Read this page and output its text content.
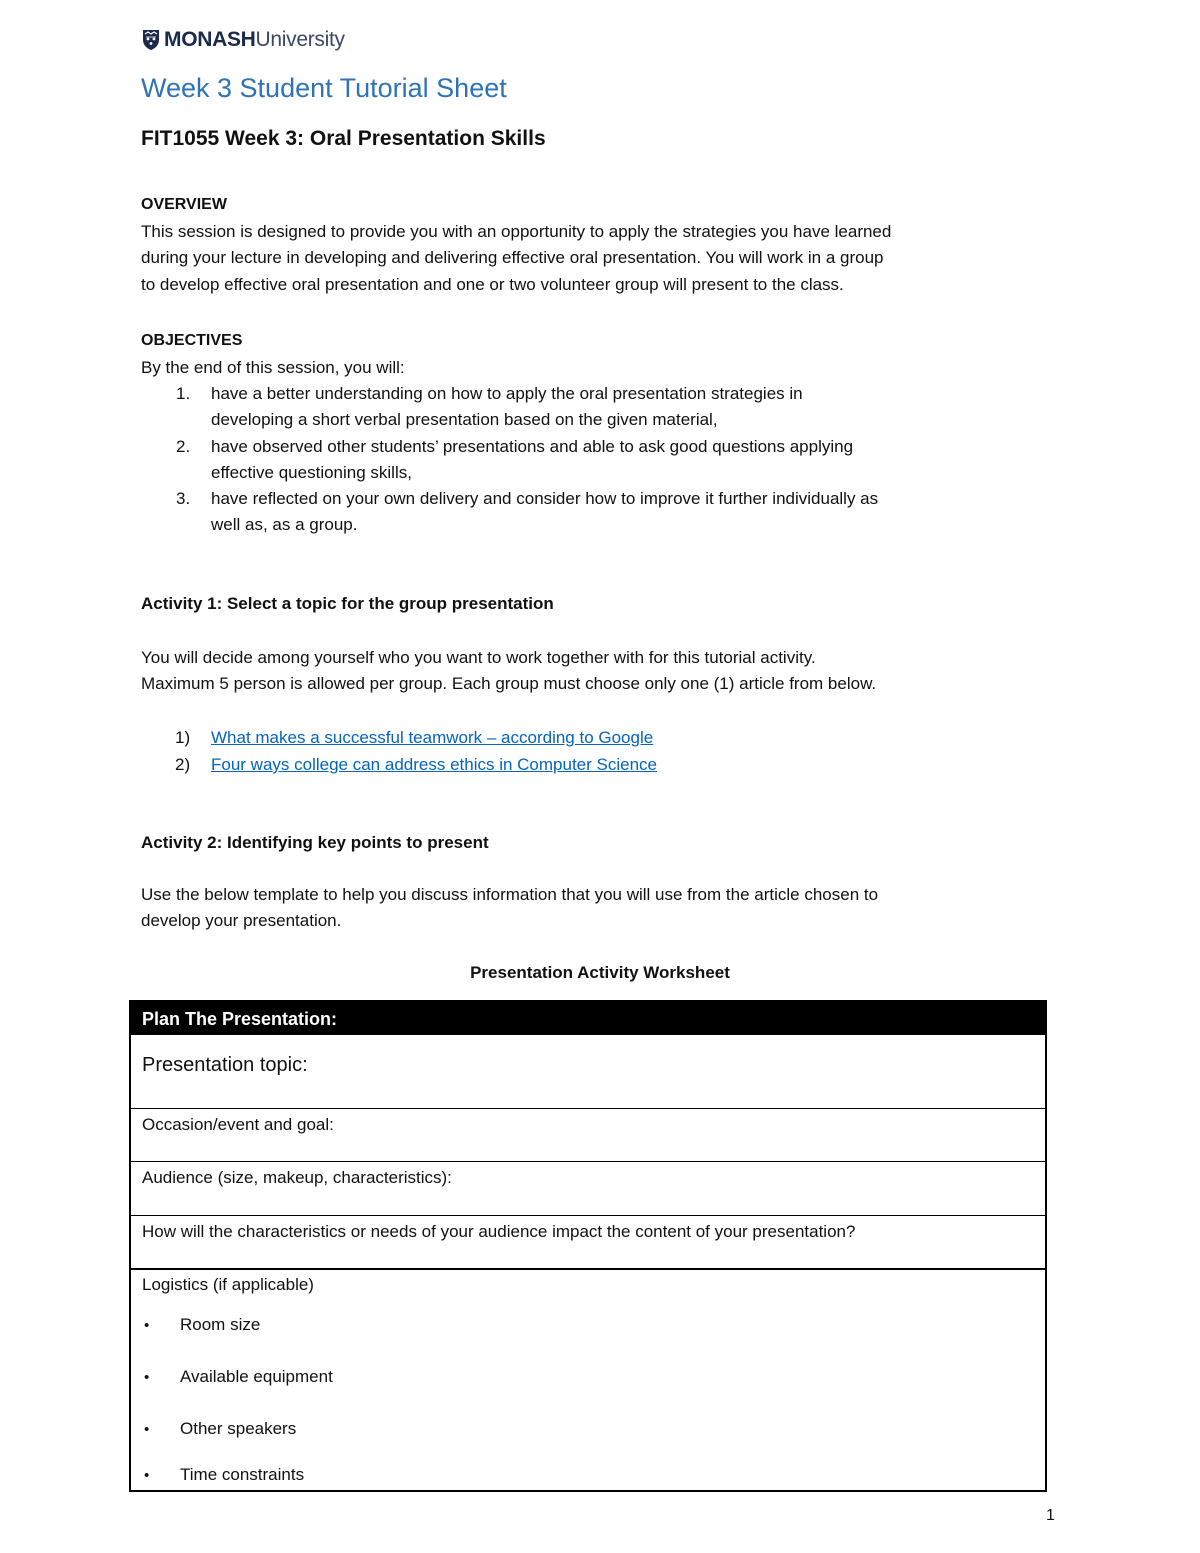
MONASHUniversity
Week 3 Student Tutorial Sheet
FIT1055 Week 3: Oral Presentation Skills
OVERVIEW
This session is designed to provide you with an opportunity to apply the strategies you have learned
during your lecture in developing and delivering effective oral presentation. You will work in a group
to develop effective oral presentation and one or two volunteer group will present to the class.
OBJECTIVES
By the end of this session, you will:
1.	have a better understanding on how to apply the oral presentation strategies in
developing a short verbal presentation based on the given material,
2.	have observed other students’ presentations and able to ask good questions applying
effective questioning skills,
3.	have reflected on your own delivery and consider how to improve it further individually as
well as, as a group.
Activity 1: Select a topic for the group presentation
You will decide among yourself who you want to work together with for this tutorial activity.
Maximum 5 person is allowed per group. Each group must choose only one (1) article from below.
1)	What makes a successful teamwork – according to Google
2)	Four ways college can address ethics in Computer Science
Activity 2: Identifying key points to present
Use the below template to help you discuss information that you will use from the article chosen to
develop your presentation.
Presentation Activity Worksheet
Plan The Presentation:
Presentation topic:
Occasion/event and goal:
Audience (size, makeup, characteristics):
How will the characteristics or needs of your audience impact the content of your presentation?
Logistics (if applicable)
•	Room size
•	Available equipment
•	Other speakers
•	Time constraints
1
